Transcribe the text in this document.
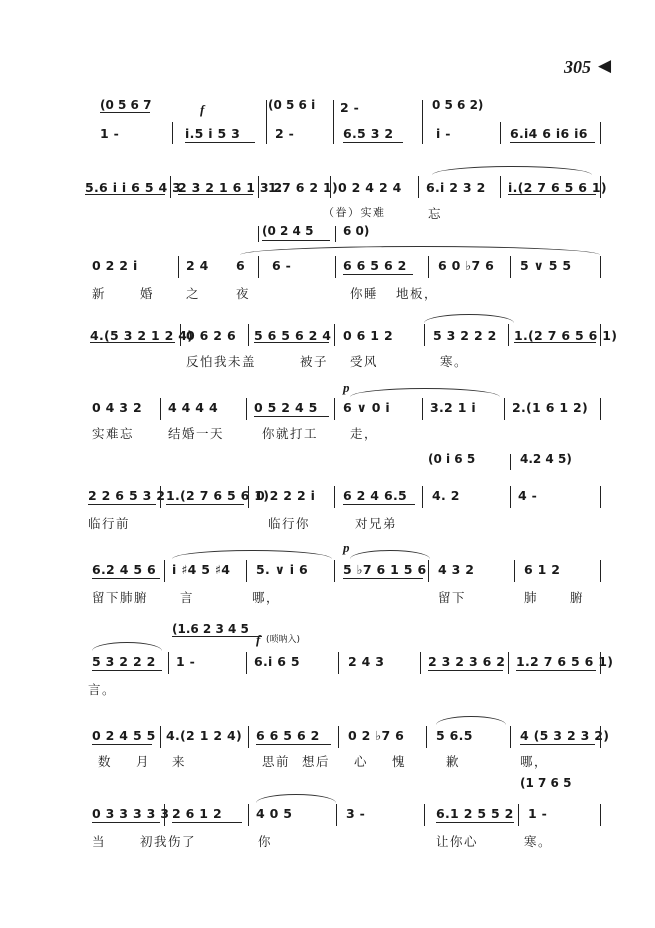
305 ◀
(0 5 6 7	f	(0 5 6 i 2 -	0 5 6 2)
1 -	i.5 i 5 3	2 -	6.5 3 2	i -	6.i4 6 i6 i6
5.6 i i 6 5 4 3
2 3 2 1 6 1 3 2
1.7 6 2 1) 0 2 4 2 4 6.i 2 3 2 i.(2 7 6 5 6 1)
（眷）实难	忘
(0 2 4 5 6 0)
0 2 2 i	2 4 6 6 -	6 6 5 6 2	6 0 ♭7 6 5 ∨ 5 5
新	婚	之	夜	你睡 地板，
4.(5 3 2 1 2 4)
0 6 2 6 5 6 5 6 2 4 0 6 1 2	5 3 2 2 2 1.(2 7 6 5 6 1)
反怕我未盖	被子 受风	寒。
p
0 4 3 2 4 4 4 4	0 5 2 4 5 6 ∨ 0 i	3.2 1 i	2.(1 6 1 2)
实难忘	结婚一天	你就打工	走，
(0 i 6 5	4.2 4 5)
2 2 6 5 3 2 1.(2 7 6 5 6 1)
0 2 2 2 i 6 2 4 6.5 4. 2	4 -
临行前	临行你	对兄弟
p
6.2 4 5 6 i ♯4 5 ♯4 5. ∨ i 6	5 ♭7 6 1 5 6 4 3 2	6 1 2
留下肺腑	言	哪，	留下	肺	腑
(1.6 2 3 4 5
f (唢呐入)
5 3 2 2 2 1 -	6.i 6 5	2 4 3	2 3 2 3 6 2 1.2 7 6 5 6 1)
言。
0 2 4 5 5 4.(2 1 2 4) 6 6 5 6 2 0 2 ♭7 6	5 6.5	4 (5 3 2 3 2)
数 月 来	思前 想后 心 愧	歉	哪，
(1 7 6 5
0 3 3 3 3 3 2 6 1 2	4 0 5	3 -	6.1 2 5 5 2 1 -
当	初我伤了	你	让你心	寒。
